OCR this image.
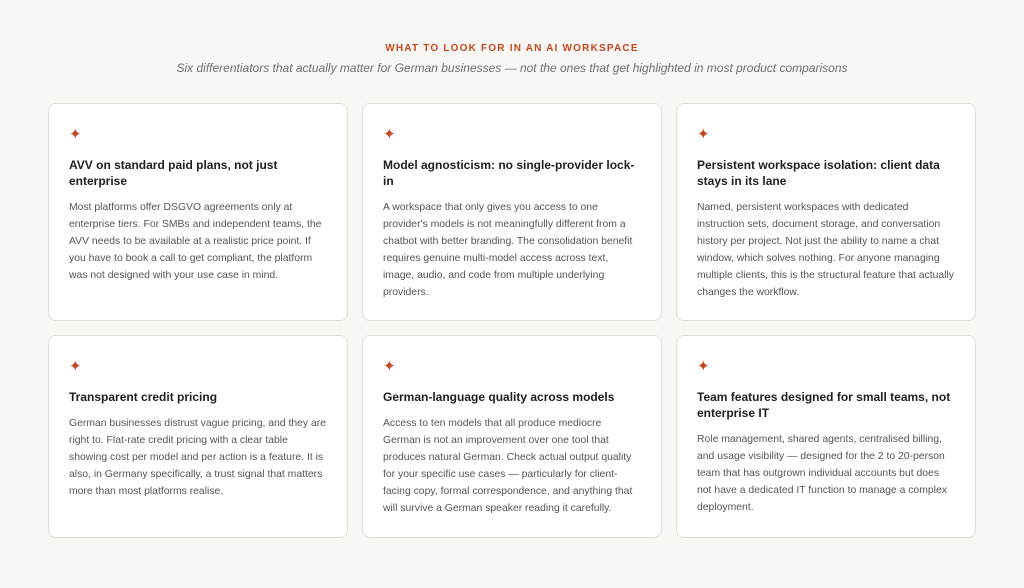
WHAT TO LOOK FOR IN AN AI WORKSPACE
Six differentiators that actually matter for German businesses — not the ones that get highlighted in most product comparisons
✦
AVV on standard paid plans, not just enterprise
Most platforms offer DSGVO agreements only at enterprise tiers. For SMBs and independent teams, the AVV needs to be available at a realistic price point. If you have to book a call to get compliant, the platform was not designed with your use case in mind.
✦
Model agnosticism: no single-provider lock-in
A workspace that only gives you access to one provider's models is not meaningfully different from a chatbot with better branding. The consolidation benefit requires genuine multi-model access across text, image, audio, and code from multiple underlying providers.
✦
Persistent workspace isolation: client data stays in its lane
Named, persistent workspaces with dedicated instruction sets, document storage, and conversation history per project. Not just the ability to name a chat window, which solves nothing. For anyone managing multiple clients, this is the structural feature that actually changes the workflow.
✦
Transparent credit pricing
German businesses distrust vague pricing, and they are right to. Flat-rate credit pricing with a clear table showing cost per model and per action is a feature. It is also, in Germany specifically, a trust signal that matters more than most platforms realise.
✦
German-language quality across models
Access to ten models that all produce mediocre German is not an improvement over one tool that produces natural German. Check actual output quality for your specific use cases — particularly for client-facing copy, formal correspondence, and anything that will survive a German speaker reading it carefully.
✦
Team features designed for small teams, not enterprise IT
Role management, shared agents, centralised billing, and usage visibility — designed for the 2 to 20-person team that has outgrown individual accounts but does not have a dedicated IT function to manage a complex deployment.
